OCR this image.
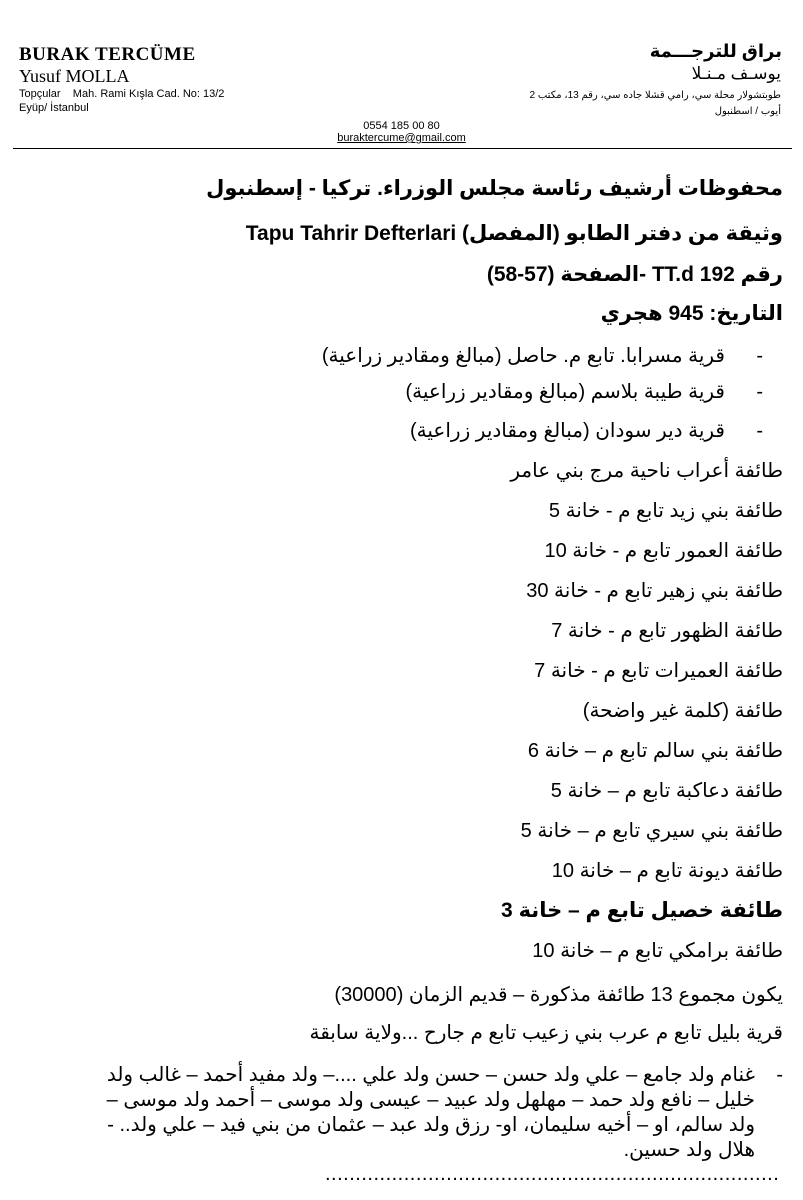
BURAK TERCÜME
Yusuf MOLLA
Topçular    Mah. Rami Kışla Cad. No: 13/2
Eyüp/ İstanbul
براق للترجـــمة
يوسـف مـنـلا
طوبتشولار محلة سي، رامي قشلا جاده سي، رقم 13، مكتب 2
أيوب / اسطنبول
0554 185 00 80
buraktercume@gmail.com
محفوظات أرشيف رئاسة مجلس الوزراء. تركيا - إسطنبول
وثيقة من دفتر الطابو (المفصل) Tapu Tahrir Defterlari
رقم 192 TT.d -الصفحة (57-58)
التاريخ: 945 هجري
-
قرية مسرابا. تابع م. حاصل (مبالغ ومقادير زراعية)
-
قرية طيبة بلاسم (مبالغ ومقادير زراعية)
-
قرية دير سودان (مبالغ ومقادير زراعية)
طائفة أعراب ناحية مرج بني عامر
طائفة بني زيد تابع م - خانة 5
طائفة العمور تابع م - خانة 10
طائفة بني زهير تابع م - خانة 30
طائفة الظهور تابع م - خانة 7
طائفة العميرات تابع م - خانة 7
طائفة (كلمة غير واضحة)
طائفة بني سالم تابع م – خانة 6
طائفة دعاكبة تابع م – خانة 5
طائفة بني سيري تابع م – خانة 5
طائفة ديونة تابع م – خانة 10
طائفة خصيل تابع م – خانة 3
طائفة برامكي تابع م – خانة 10
يكون مجموع 13 طائفة مذكورة – قديم الزمان (30000)
قرية بليل تابع م عرب بني زعيب تابع م جارح ...ولاية سابقة
-
غنام ولد جامع – علي ولد حسن – حسن ولد علي ....– ولد مفيد أحمد – غالب ولد خليل – نافع ولد حمد – مهلهل ولد عبيد – عيسى ولد موسى – أحمد ولد موسى – ولد سالم، او – أخيه سليمان، او- رزق ولد عبد – عثمان من بني فيد – علي ولد.. - هلال ولد حسين.
...........................................................................
